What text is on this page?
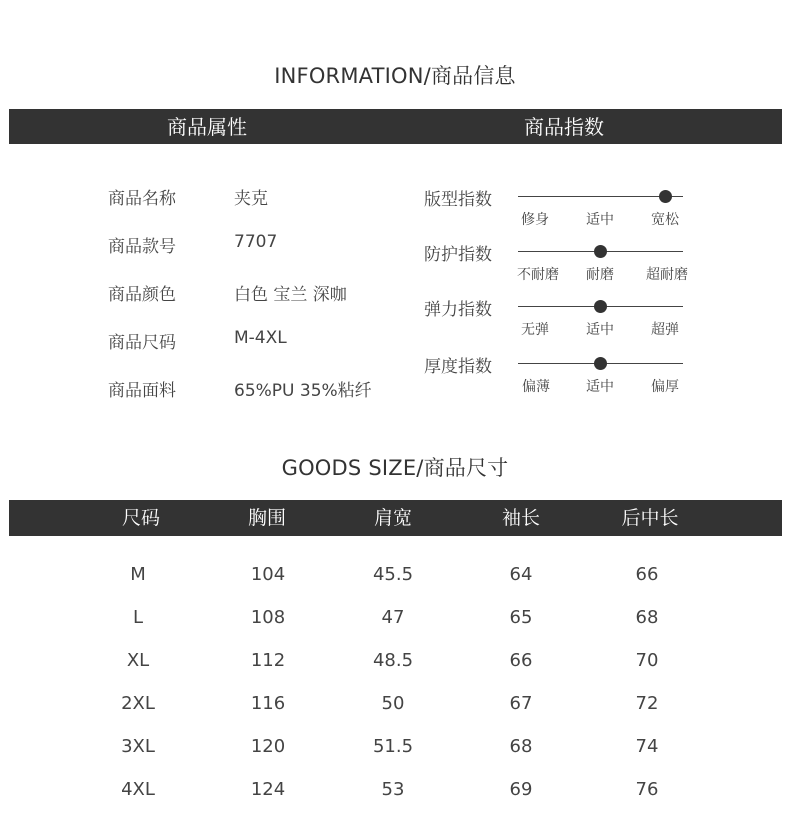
INFORMATION/商品信息
商品属性	商品指数
商品名称	夹克
商品款号	7707
商品颜色	白色 宝兰 深咖
商品尺码	M-4XL
商品面料	65%PU 35%粘纤
版型指数
修身	适中	宽松
防护指数
不耐磨 耐磨 超耐磨
弹力指数
无弹	适中	超弹
厚度指数
偏薄	适中	偏厚
GOODS SIZE/商品尺寸
尺码	胸围	肩宽	袖长	后中长
M	104	45.5	64	66
L	108	47	65	68
XL	112	48.5	66	70
2XL	116	50	67	72
3XL	120	51.5	68	74
4XL	124	53	69	76
